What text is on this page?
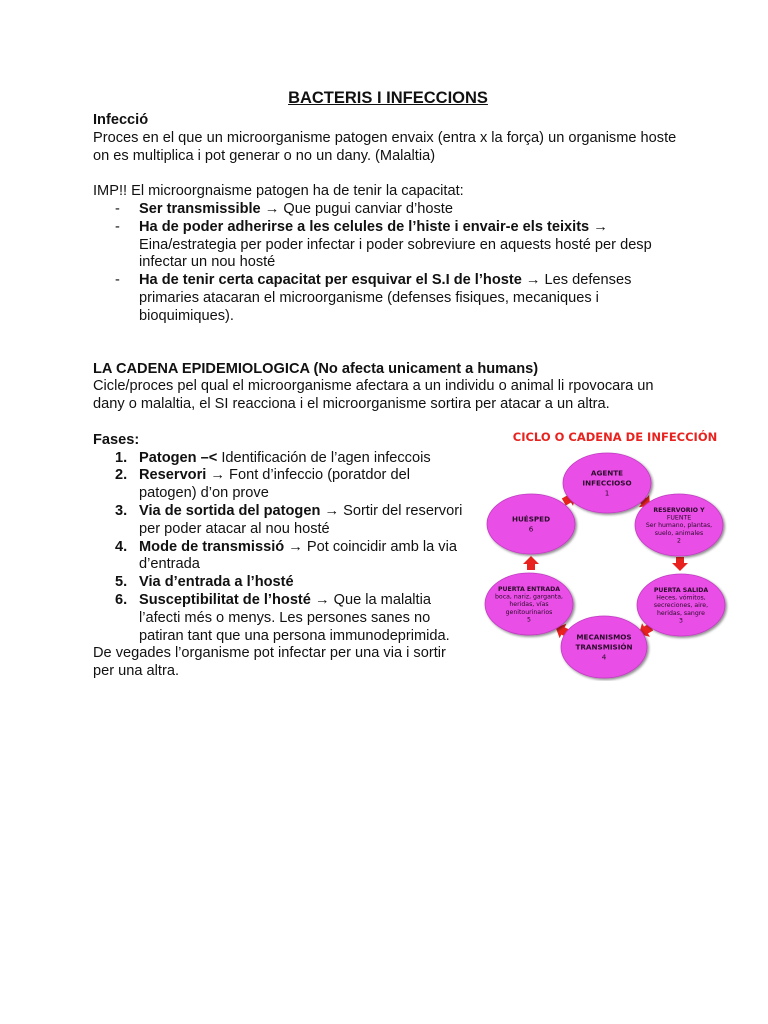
BACTERIS I INFECCIONS

Infecció

Proces en el que un microorganisme patogen envaix (entra x la força) un organisme hoste on es multiplica i pot generar o no un dany. (Malaltia)

IMP!! El microorgnaisme patogen ha de tenir la capacitat:

- Ser transmissible → Que pugui canviar d’hoste
- Ha de poder adherirse a les celules de l’histe i envair-e els teixits → Eina/estrategia per poder infectar i poder sobreviure en aquests hosté per desp infectar un nou hosté
- Ha de tenir certa capacitat per esquivar el S.I de l’hoste → Les defenses primaries atacaran el microorganisme (defenses fisiques, mecaniques i bioquimiques).

LA CADENA EPIDEMIOLOGICA (No afecta unicament a humans)

Cicle/proces pel qual el microorganisme afectara a un individu o animal li rpovocara un dany o malaltia, el SI reacciona i el microorganisme sortira per atacar a un altra.

Fases:

1. Patogen –< Identificación de l’agen infeccois
2. Reservori → Font d’infeccio (poratdor del patogen) d’on prove
3. Via de sortida del patogen → Sortir del reservori per poder atacar al nou hosté
4. Mode de transmissió → Pot coincidir amb la via d’entrada
5. Via d’entrada a l’hosté
6. Susceptibilitat de l’hosté → Que la malaltia l’afecti més o menys. Les persones sanes no patiran tant que una persona immunodeprimida.

De vegades l’organisme pot infectar per una via i sortir per una altra.

CICLO O CADENA DE INFECCIÓN
AGENTE
INFECCIOSO
1
RESERVORIO Y
FUENTE
Ser humano, plantas,
suelo, animales
2
PUERTA SALIDA
Heces, vómitos,
secreciones, aire,
heridas, sangre
3
MECANISMOS
TRANSMISIÓN
4
PUERTA ENTRADA
boca, nariz, garganta,
heridas, vías
genitourinarios
5
HUÉSPED
6
